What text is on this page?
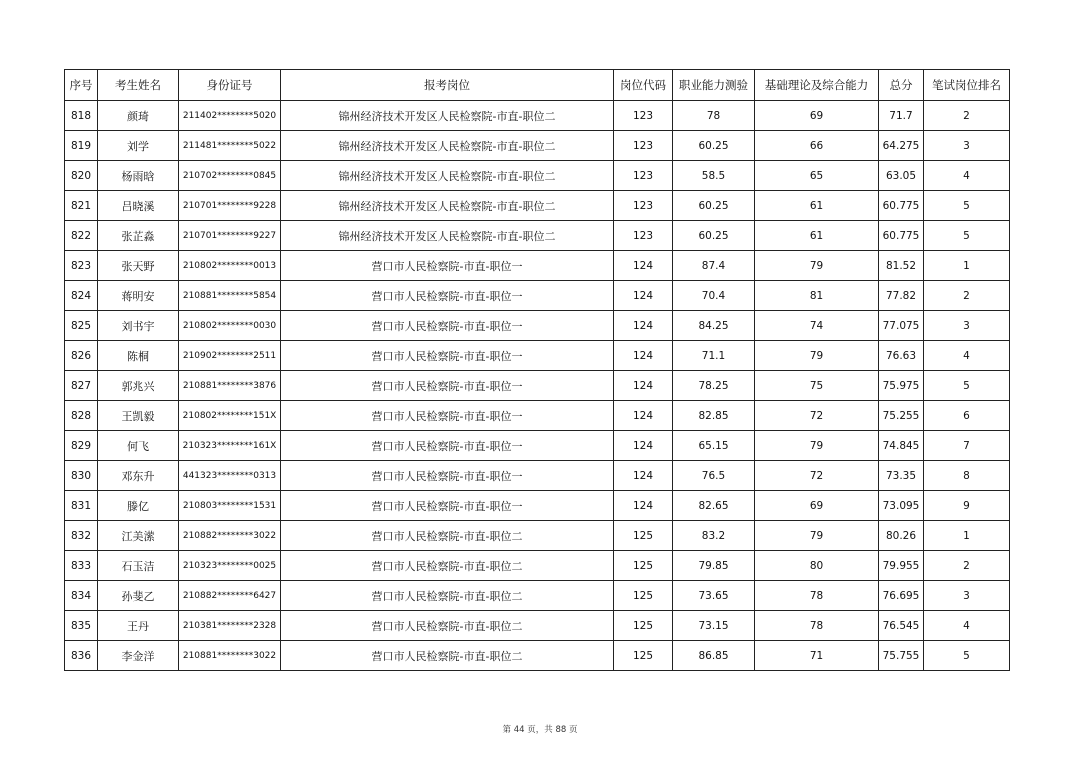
序号	考生姓名	身份证号	报考岗位	岗位代码	职业能力测验	基础理论及综合能力	总分	笔试岗位排名
818	颜琦	211402********5020	锦州经济技术开发区人民检察院-市直-职位二	123	78	69	71.7	2
819	刘学	211481********5022	锦州经济技术开发区人民检察院-市直-职位二	123	60.25	66	64.275	3
820	杨雨晗	210702********0845	锦州经济技术开发区人民检察院-市直-职位二	123	58.5	65	63.05	4
821	吕晓溪	210701********9228	锦州经济技术开发区人民检察院-市直-职位二	123	60.25	61	60.775	5
822	张芷淼	210701********9227	锦州经济技术开发区人民检察院-市直-职位二	123	60.25	61	60.775	5
823	张天野	210802********0013	营口市人民检察院-市直-职位一	124	87.4	79	81.52	1
824	蒋明安	210881********5854	营口市人民检察院-市直-职位一	124	70.4	81	77.82	2
825	刘书宇	210802********0030	营口市人民检察院-市直-职位一	124	84.25	74	77.075	3
826	陈桐	210902********2511	营口市人民检察院-市直-职位一	124	71.1	79	76.63	4
827	郭兆兴	210881********3876	营口市人民检察院-市直-职位一	124	78.25	75	75.975	5
828	王凯毅	210802********151X	营口市人民检察院-市直-职位一	124	82.85	72	75.255	6
829	何飞	210323********161X	营口市人民检察院-市直-职位一	124	65.15	79	74.845	7
830	邓东升	441323********0313	营口市人民检察院-市直-职位一	124	76.5	72	73.35	8
831	滕亿	210803********1531	营口市人民检察院-市直-职位一	124	82.65	69	73.095	9
832	江美潆	210882********3022	营口市人民检察院-市直-职位二	125	83.2	79	80.26	1
833	石玉洁	210323********0025	营口市人民检察院-市直-职位二	125	79.85	80	79.955	2
834	孙斐乙	210882********6427	营口市人民检察院-市直-职位二	125	73.65	78	76.695	3
835	王丹	210381********2328	营口市人民检察院-市直-职位二	125	73.15	78	76.545	4
836	李金洋	210881********3022	营口市人民检察院-市直-职位二	125	86.85	71	75.755	5
第 44 页，共 88 页
